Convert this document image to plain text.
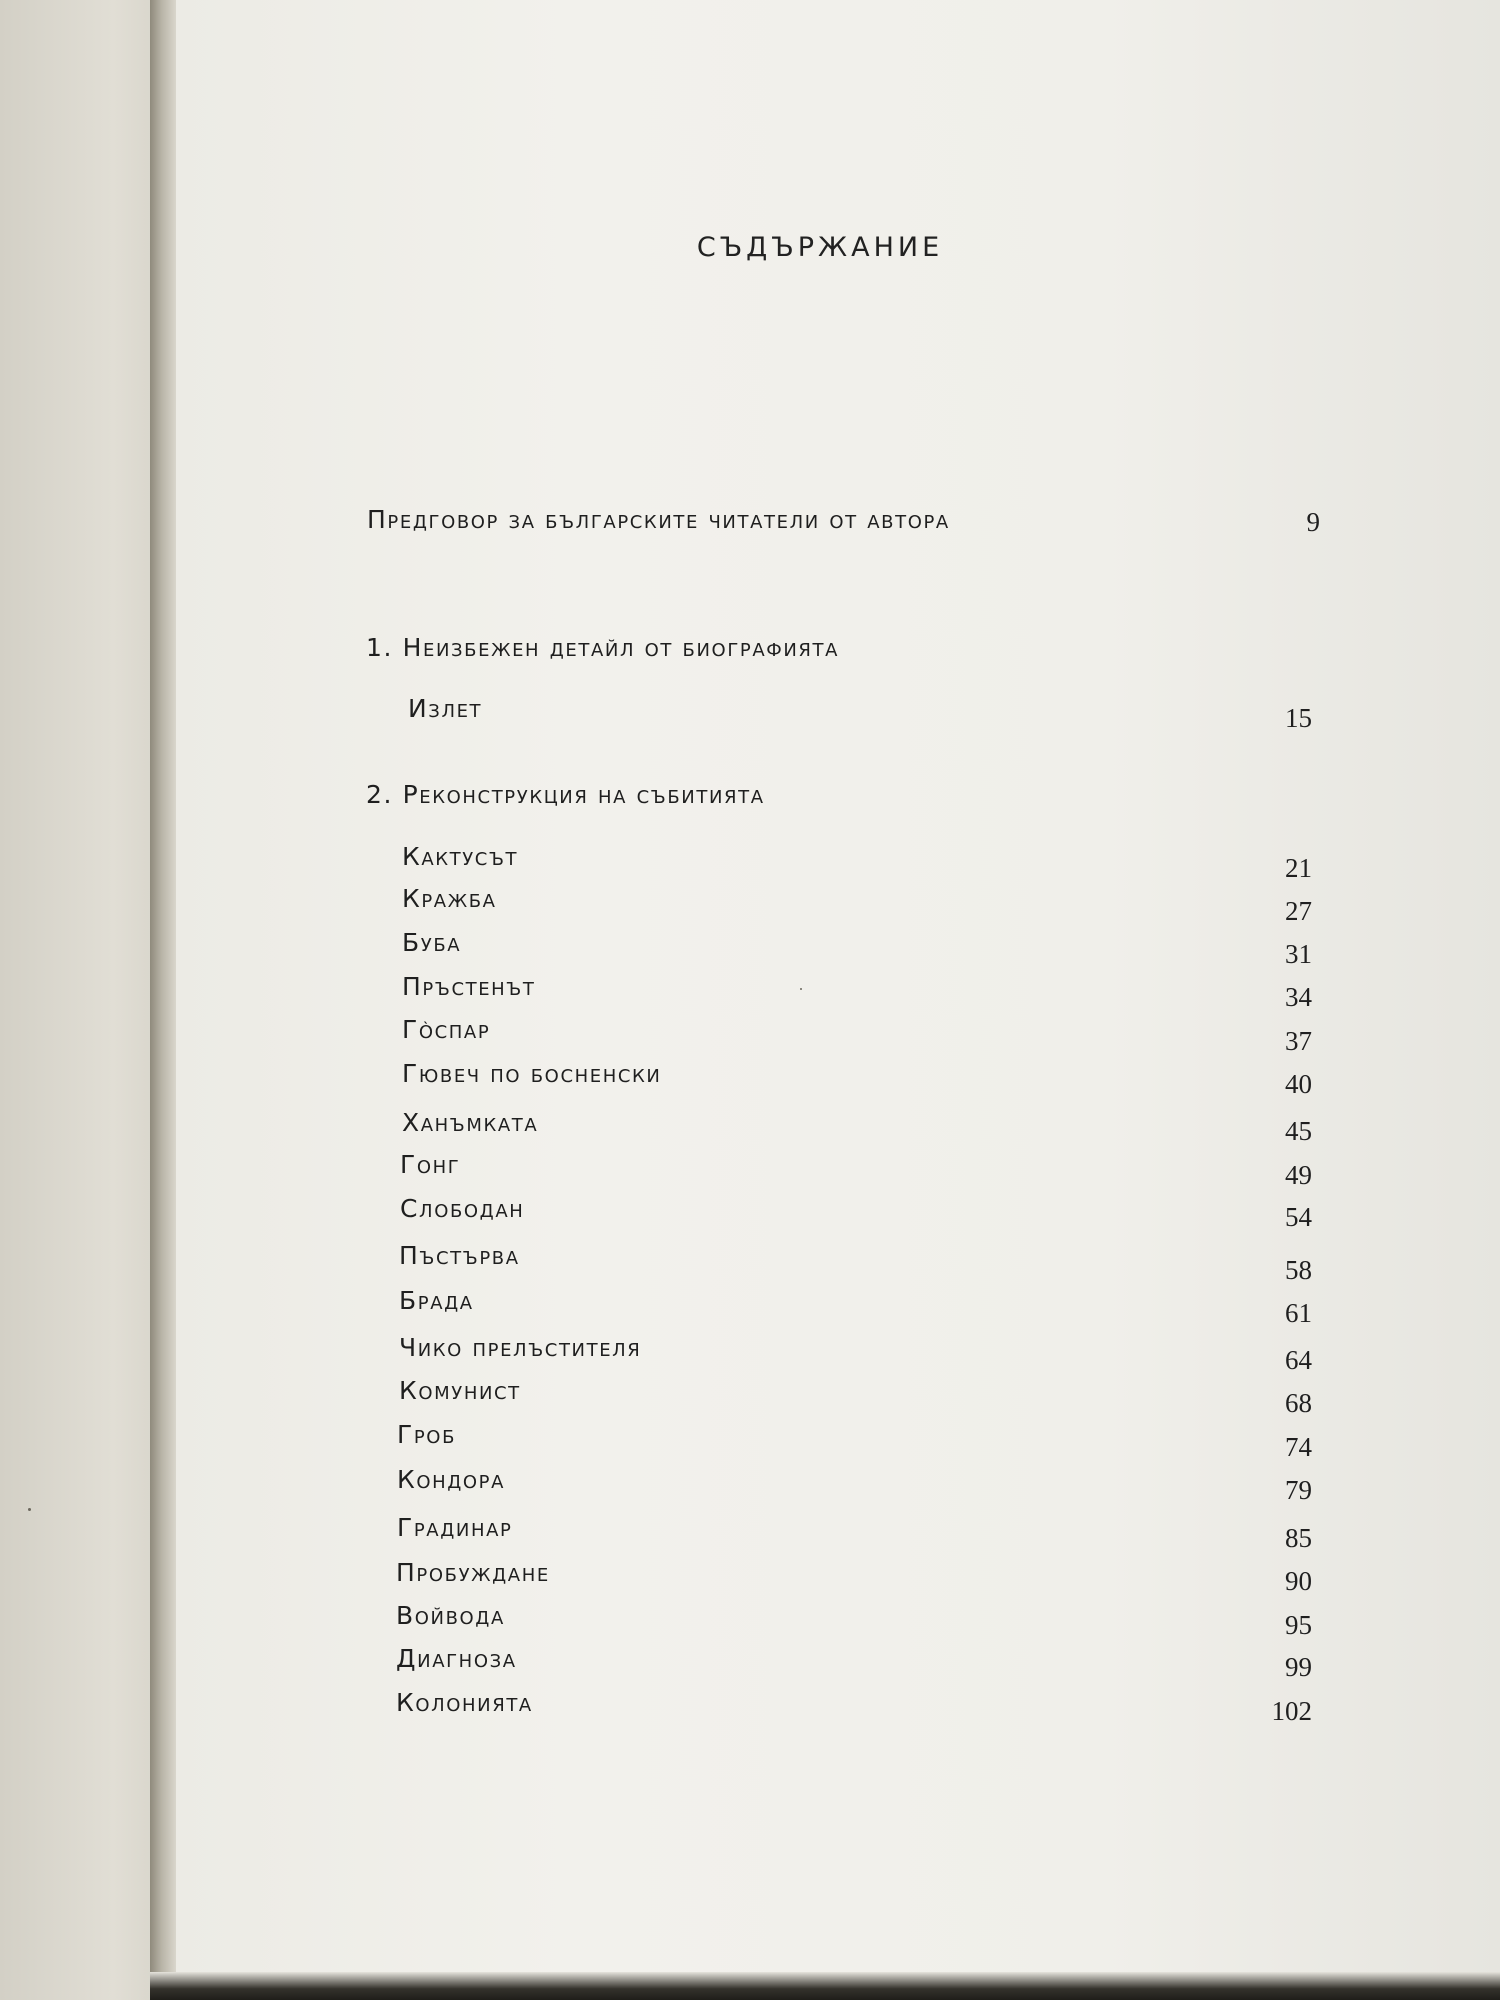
СЪДЪРЖАНИЕ
Предговор за българските читатели от автора	9
1. Неизбежен детайл от биографията
Излет	15
2. Реконструкция на събитията
Кактусът	21
Кражба	27
Буба	31
Пръстенът	34
Гòспар	37
Гювеч по босненски	40
Ханъмката	45
Гонг	49
Слободан	54
Пъстърва	58
Брада	61
Чико прелъстителя	64
Комунист	68
Гроб	74
Кондора	79
Градинар	85
Пробуждане	90
Войвода	95
Диагноза	99
Колонията	102
